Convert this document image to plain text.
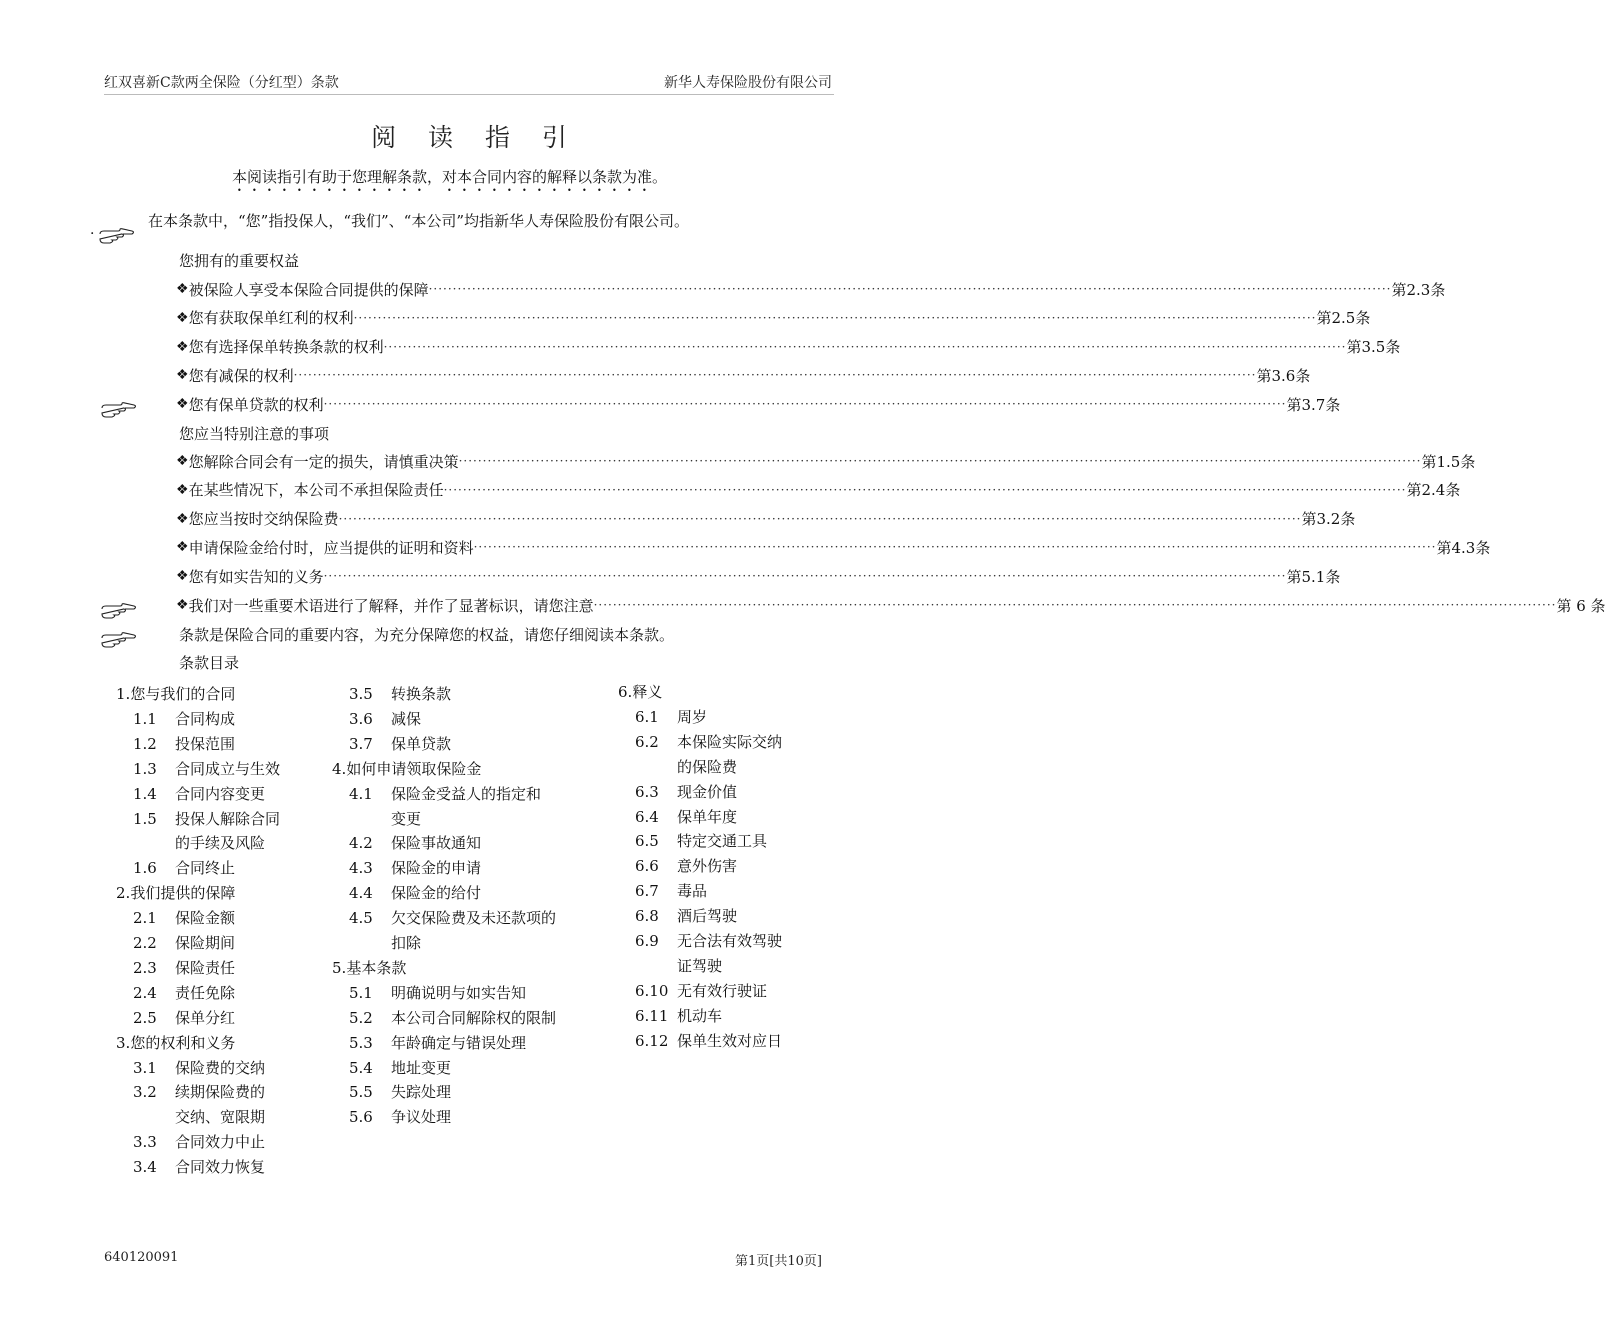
红双喜新C款两全保险（分红型）条款	新华人寿保险股份有限公司
阅 读 指 引
本阅读指引有助于您理解条款，对本合同内容的解释以条款为准。
·
在本条款中，“您”指投保人，“我们”、“本公司”均指新华人寿保险股份有限公司。
您拥有的重要权益
❖ 被保险人享受本保险合同提供的保障 ········································································································································································································ 第2.3条
❖ 您有获取保单红利的权利 ········································································································································································································ 第2.5条
❖ 您有选择保单转换条款的权利 ········································································································································································································ 第3.5条
❖ 您有减保的权利 ········································································································································································································ 第3.6条
❖ 您有保单贷款的权利 ········································································································································································································ 第3.7条
您应当特别注意的事项
❖ 您解除合同会有一定的损失，请慎重决策 ········································································································································································································ 第1.5条
❖ 在某些情况下，本公司不承担保险责任 ········································································································································································································ 第2.4条
❖ 您应当按时交纳保险费 ········································································································································································································ 第3.2条
❖ 申请保险金给付时，应当提供的证明和资料 ········································································································································································································ 第4.3条
❖ 您有如实告知的义务 ········································································································································································································ 第5.1条
❖ 我们对一些重要术语进行了解释，并作了显著标识，请您注意 ········································································································································································································ 第 6 条
条款是保险合同的重要内容，为充分保障您的权益，请您仔细阅读本条款。
条款目录
1.您与我们的合同
1.1 合同构成
1.2 投保范围
1.3 合同成立与生效
1.4 合同内容变更
1.5 投保人解除合同
的手续及风险
1.6 合同终止
2.我们提供的保障
2.1 保险金额
2.2 保险期间
2.3 保险责任
2.4 责任免除
2.5 保单分红
3.您的权利和义务
3.1 保险费的交纳
3.2 续期保险费的
交纳、宽限期
3.3 合同效力中止
3.4 合同效力恢复
3.5 转换条款
3.6 减保
3.7 保单贷款
4.如何申请领取保险金
4.1 保险金受益人的指定和
变更
4.2 保险事故通知
4.3 保险金的申请
4.4 保险金的给付
4.5 欠交保险费及未还款项的
扣除
5.基本条款
5.1 明确说明与如实告知
5.2 本公司合同解除权的限制
5.3 年龄确定与错误处理
5.4 地址变更
5.5 失踪处理
5.6 争议处理
6.释义
6.1 周岁
6.2 本保险实际交纳
的保险费
6.3 现金价值
6.4 保单年度
6.5 特定交通工具
6.6 意外伤害
6.7 毒品
6.8 酒后驾驶
6.9 无合法有效驾驶
证驾驶
6.10 无有效行驶证
6.11 机动车
6.12 保单生效对应日
640120091	第1页[共10页]
